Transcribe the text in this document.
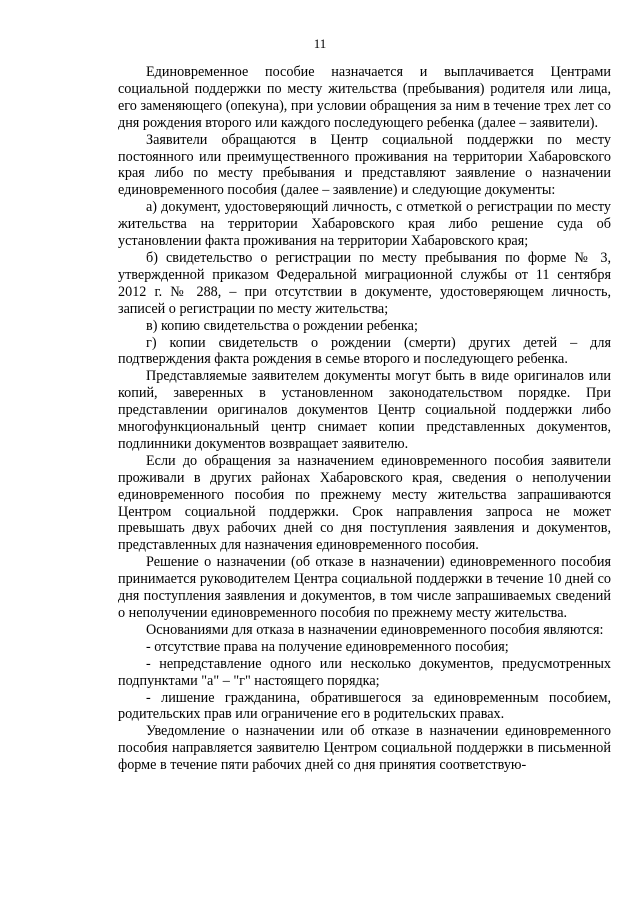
11

Единовременное пособие назначается и выплачивается Центрами социальной поддержки по месту жительства (пребывания) родителя или лица, его заменяющего (опекуна), при условии обращения за ним в течение трех лет со дня рождения второго или каждого последующего ребенка (далее – заявители).

Заявители обращаются в Центр социальной поддержки по месту постоянного или преимущественного проживания на территории Хабаровского края либо по месту пребывания и представляют заявление о назначении единовременного пособия (далее – заявление) и следующие документы:

а) документ, удостоверяющий личность, с отметкой о регистрации по месту жительства на территории Хабаровского края либо решение суда об установлении факта проживания на территории Хабаровского края;

б) свидетельство о регистрации по месту пребывания по форме № 3, утвержденной приказом Федеральной миграционной службы от 11 сентября 2012 г. № 288, – при отсутствии в документе, удостоверяющем личность, записей о регистрации по месту жительства;

в) копию свидетельства о рождении ребенка;

г) копии свидетельств о рождении (смерти) других детей – для подтверждения факта рождения в семье второго и последующего ребенка.

Представляемые заявителем документы могут быть в виде оригиналов или копий, заверенных в установленном законодательством порядке. При представлении оригиналов документов Центр социальной поддержки либо многофункциональный центр снимает копии представленных документов, подлинники документов возвращает заявителю.

Если до обращения за назначением единовременного пособия заявители проживали в других районах Хабаровского края, сведения о неполучении единовременного пособия по прежнему месту жительства запрашиваются Центром социальной поддержки. Срок направления запроса не может превышать двух рабочих дней со дня поступления заявления и документов, представленных для назначения единовременного пособия.

Решение о назначении (об отказе в назначении) единовременного пособия принимается руководителем Центра социальной поддержки в течение 10 дней со дня поступления заявления и документов, в том числе запрашиваемых сведений о неполучении единовременного пособия по прежнему месту жительства.

Основаниями для отказа в назначении единовременного пособия являются:

- отсутствие права на получение единовременного пособия;

- непредставление одного или несколько документов, предусмотренных подпунктами "а" – "г" настоящего порядка;

- лишение гражданина, обратившегося за единовременным пособием, родительских прав или ограничение его в родительских правах.

Уведомление о назначении или об отказе в назначении единовременного пособия направляется заявителю Центром социальной поддержки в письменной форме в течение пяти рабочих дней со дня принятия соответствую-
